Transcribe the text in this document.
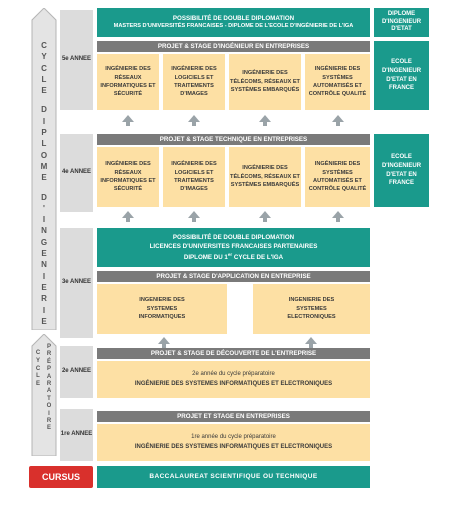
C
Y
C
L
E
D
I
P
L
O
M
E
D
'
I
N
G
E
N
I
E
R
I
E
C
Y
C
L
E
P
R
É
P
A
R
A
T
O
I
R
E
CURSUS
5e ANNEE
4e ANNEE
3e ANNEE
2e ANNEE
1re ANNEE
POSSIBILITÉ DE DOUBLE DIPLOMATION
MASTERS D'UNIVERSITÉS FRANCAISES - DIPLOME DE L'ECOLE D'INGÉNIERIE DE L'IGA
DIPLOME D'INGENIEUR D'ETAT
PROJET & STAGE D'INGÉNIEUR EN ENTREPRISES
INGÉNIERIE DES RÉSEAUX INFORMATIQUES ET SÉCURITÉ
INGÉNIERIE DES LOGICIELS ET TRAITEMENTS D'IMAGES
INGÉNIERIE DES TÉLÉCOMS, RÉSEAUX ET SYSTÈMES EMBARQUÉS
INGÉNIERIE DES SYSTÈMES AUTOMATISÉS ET CONTRÔLE QUALITÉ
ECOLE D'INGENIEUR D'ETAT EN FRANCE
PROJET & STAGE TECHNIQUE EN ENTREPRISES
INGÉNIERIE DES RÉSEAUX INFORMATIQUES ET SÉCURITÉ
INGÉNIERIE DES LOGICIELS ET TRAITEMENTS D'IMAGES
INGÉNIERIE DES TÉLÉCOMS, RÉSEAUX ET SYSTÈMES EMBARQUÉS
INGÉNIERIE DES SYSTÈMES AUTOMATISÉS ET CONTRÔLE QUALITÉ
ECOLE D'INGENIEUR D'ETAT EN FRANCE
POSSIBILITÉ DE DOUBLE DIPLOMATION
LICENCES D'UNIVERSITES FRANCAISES PARTENAIRES
DIPLOME DU 1er CYCLE DE L'IGA
PROJET & STAGE D'APPLICATION EN ENTREPRISE
INGENIERIE DES SYSTEMES INFORMATIQUES
INGENIERIE DES SYSTEMES ELECTRONIQUES
PROJET & STAGE DE DÉCOUVERTE DE L'ENTREPRISE
2e année du cycle préparatoire
INGÉNIERIE DES SYSTEMES INFORMATIQUES ET ELECTRONIQUES
PROJET ET STAGE EN ENTREPRISES
1re année du cycle préparatoire
INGÉNIERIE DES SYSTEMES INFORMATIQUES ET ELECTRONIQUES
BACCALAUREAT SCIENTIFIQUE OU TECHNIQUE
